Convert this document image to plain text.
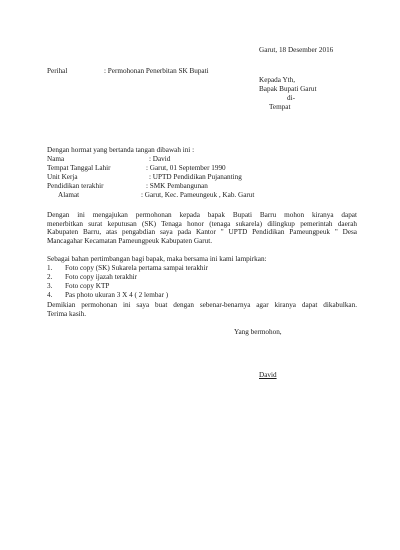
Garut, 18 Desember 2016
Perihal	: Permohonan Penerbitan SK Bupati
Kepada Yth,
Bapak Bupati Garut
di-
Tempat
Dengan hormat yang bertanda tangan dibawah ini :
Nama	: David
Tempat Tanggal Lahir	: Garut, 01 September 1990
Unit Kerja	: UPTD Pendidikan Pujananting
Pendidikan terakhir	: SMK Pembangunan
Alamat	: Garut, Kec. Pameungeuk , Kab. Garut
Dengan ini mengajukan permohonan kepada bapak Bupati Barru mohon kiranya dapat
menerbitkan surat keputusan (SK) Tenaga honor (tenaga sukarela) dilingkup pemerintah daerah
Kabupaten Barru, atas pengabdian saya pada Kantor " UPTD Pendidikan Pameungpeuk " Desa
Mancagahar Kecamatan Pameungpeuk Kabupaten Garut.
Sebagai bahan pertimbangan bagi bapak, maka bersama ini kami lampirkan:
1. Foto copy (SK) Sukarela pertama sampai terakhir
2. Foto copy ijazah terakhir
3. Foto copy KTP
4. Pas photo ukuran 3 X 4 ( 2 lembar )
Demikian permohonan ini saya buat dengan sebenar-benarnya agar kiranya dapat dikabulkan.
Terima kasih.
Yang bermohon,
David
